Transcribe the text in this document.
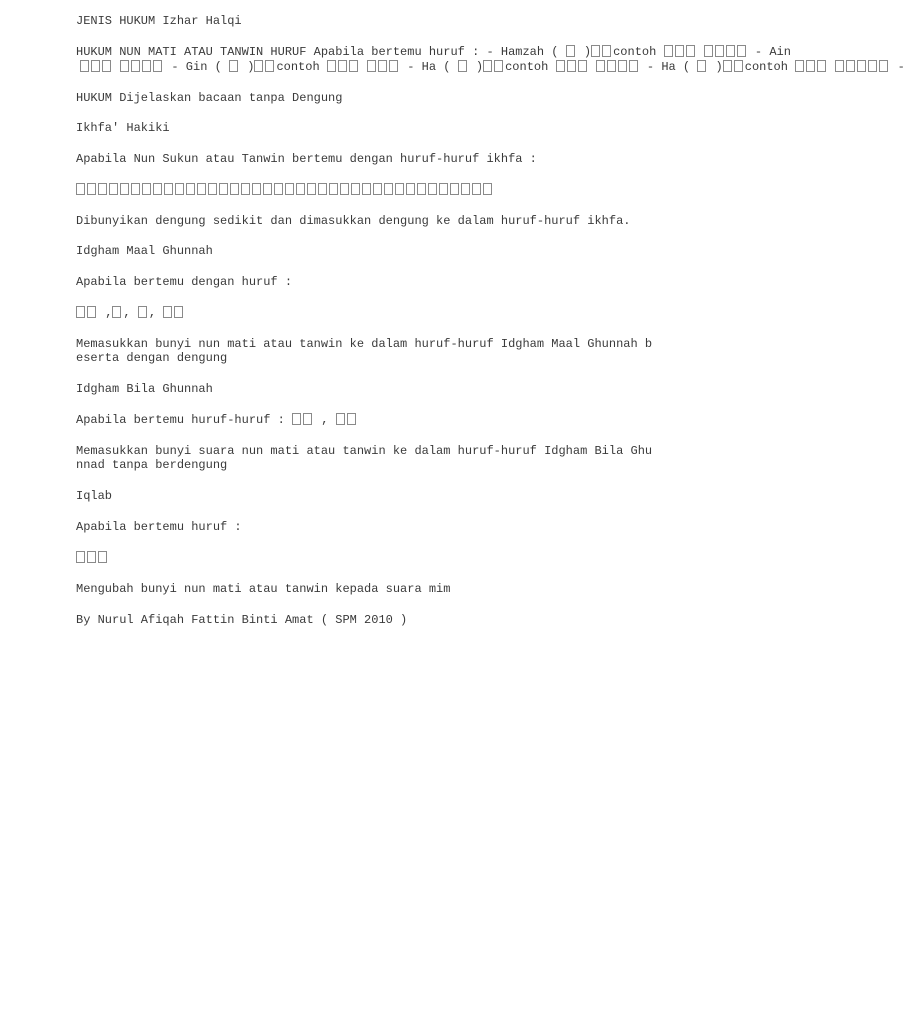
JENIS HUKUM Izhar Halqi

HUKUM NUN MATI ATAU TANWIN HURUF Apabila bertemu huruf : - Hamzah ( ) contoh	- Ain

- Gin ( ) contoh	- Ha ( ) contoh	- Ha ( ) contoh	-

HUKUM Dijelaskan bacaan tanpa Dengung

Ikhfa' Hakiki

Apabila Nun Sukun atau Tanwin bertemu dengan huruf-huruf ikhfa :

Dibunyikan dengung sedikit dan dimasukkan dengung ke dalam huruf-huruf ikhfa.

Idgham Maal Ghunnah

Apabila bertemu dengan huruf :

, , ,

Memasukkan bunyi nun mati atau tanwin ke dalam huruf-huruf Idgham Maal Ghunnah b

eserta dengan dengung

Idgham Bila Ghunnah

Apabila bertemu huruf-huruf :	,

Memasukkan bunyi suara nun mati atau tanwin ke dalam huruf-huruf Idgham Bila Ghu

nnad tanpa berdengung

Iqlab

Apabila bertemu huruf :

Mengubah bunyi nun mati atau tanwin kepada suara mim

By Nurul Afiqah Fattin Binti Amat ( SPM 2010 )
